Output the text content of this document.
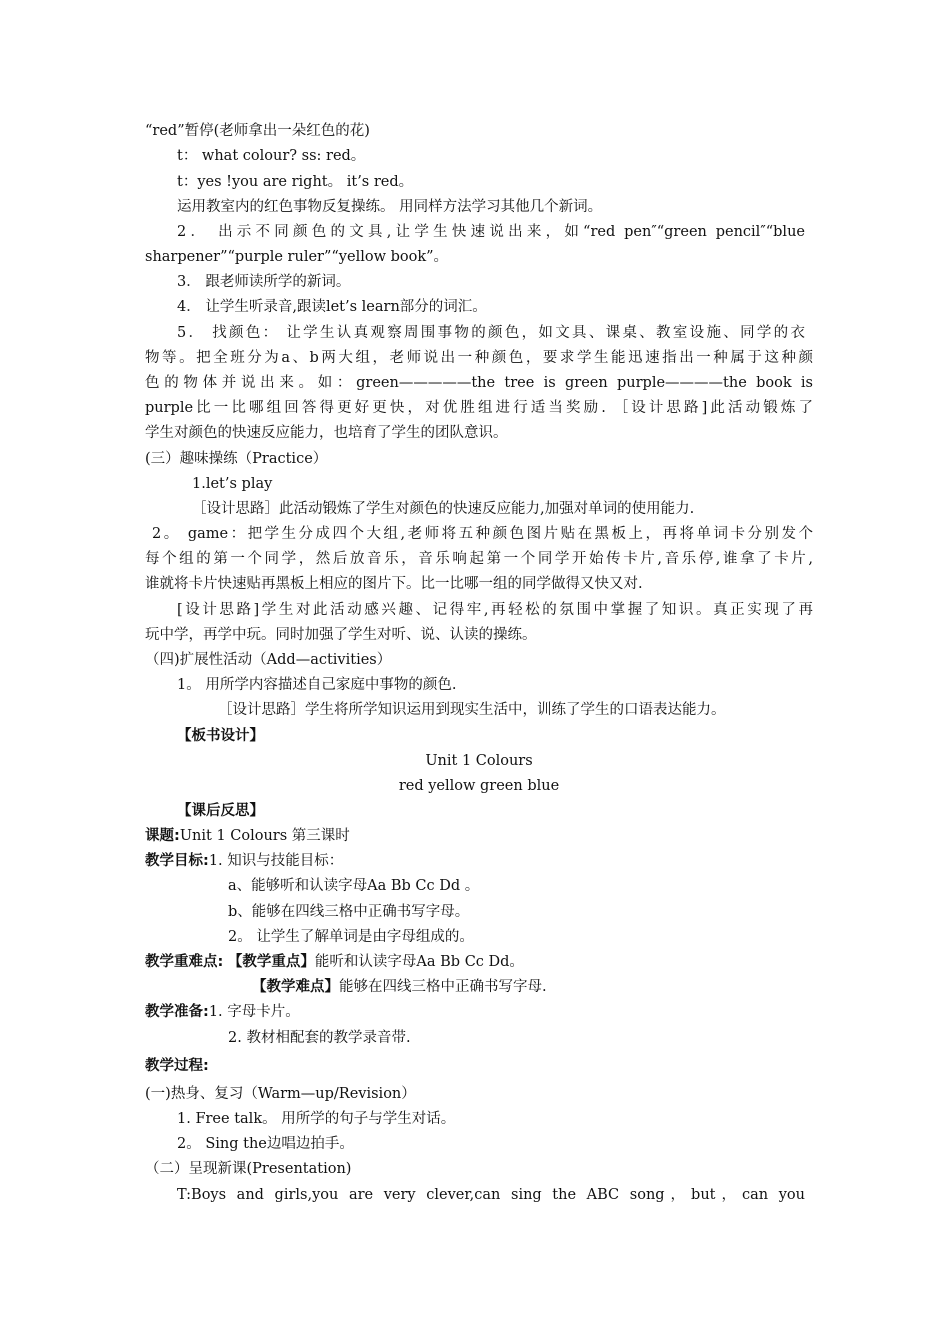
“red”暂停(老师拿出一朵红色的花)
t： what colour? ss: red。
t：yes !you are right。 it’s red。
运用教室内的红色事物反复操练。 用同样方法学习其他几个新词。
2． 出示不同颜色的文具,让学生快速说出来，如“red pen″“green pencil″“blue
sharpener”“purple ruler”“yellow book”。
3． 跟老师读所学的新词。
4． 让学生听录音,跟读let’s learn部分的词汇。
5． 找颜色： 让学生认真观察周围事物的颜色，如文具、课桌、教室设施、同学的衣
物等。把全班分为a、b两大组，老师说出一种颜色，要求学生能迅速指出一种属于这种颜
色的物体并说出来。如：green—————the tree is green purple————the book is
purple比一比哪组回答得更好更快，对优胜组进行适当奖励. ［设计思路]此活动锻炼了
学生对颜色的快速反应能力，也培育了学生的团队意识。
(三）趣味操练（Practice）
1.let’s play
［设计思路］此活动锻炼了学生对颜色的快速反应能力,加强对单词的使用能力.
2。 game：把学生分成四个大组,老师将五种颜色图片贴在黑板上，再将单词卡分别发个
每个组的第一个同学，然后放音乐，音乐响起第一个同学开始传卡片,音乐停,谁拿了卡片,
谁就将卡片快速贴再黑板上相应的图片下。比一比哪一组的同学做得又快又对.
[设计思路]学生对此活动感兴趣、记得牢,再轻松的氛围中掌握了知识。真正实现了再
玩中学，再学中玩。同时加强了学生对听、说、认读的操练。
（四)扩展性活动（Add—activities）
1。 用所学内容描述自己家庭中事物的颜色.
［设计思路］学生将所学知识运用到现实生活中，训练了学生的口语表达能力。
【板书设计】
Unit 1 Colours
red yellow green blue
【课后反思】
课题:Unit 1 Colours 第三课时
教学目标:1. 知识与技能目标：
a、能够听和认读字母Aa Bb Cc Dd 。
b、能够在四线三格中正确书写字母。
2。 让学生了解单词是由字母组成的。
教学重难点: 【教学重点】能听和认读字母Aa Bb Cc Dd。
【教学难点】能够在四线三格中正确书写字母.
教学准备:1. 字母卡片。
2. 教材相配套的教学录音带.
教学过程:
(一)热身、复习（Warm—up/Revision）
1. Free talk。 用所学的句子与学生对话。
2。 Sing the边唱边拍手。
（二）呈现新课(Presentation)
T:Boys and girls,you are very clever,can sing the ABC song，but，can you
